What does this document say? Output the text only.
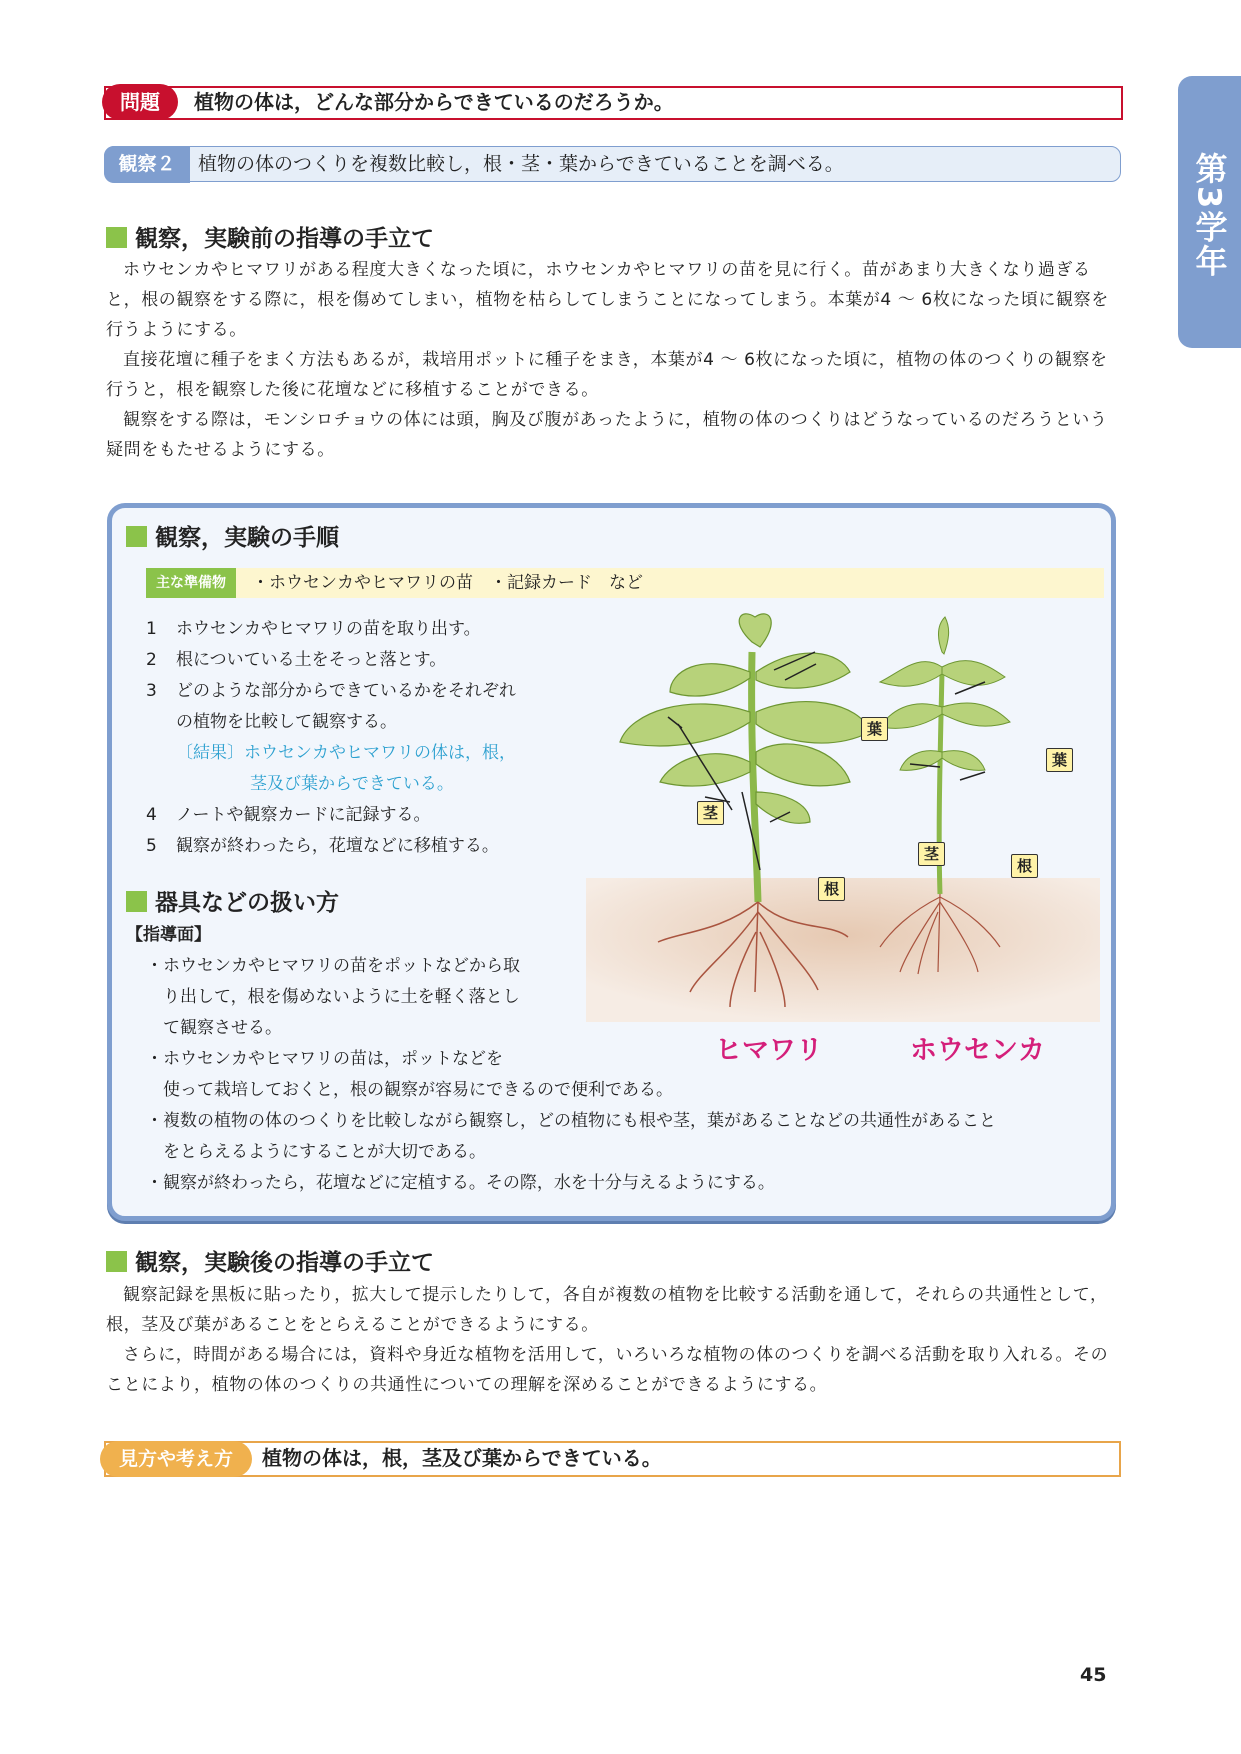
問題	植物の体は，どんな部分からできているのだろうか。
観察２	植物の体のつくりを複数比較し，根・茎・葉からできていることを調べる。	第3学年
観察，実験前の指導の手立て

ホウセンカやヒマワリがある程度大きくなった頃に，ホウセンカやヒマワリの苗を見に行く。苗があまり大きくなり過ぎると，根の観察をする際に，根を傷めてしまい，植物を枯らしてしまうことになってしまう。本葉が4 ～ 6枚になった頃に観察を行うようにする。

直接花壇に種子をまく方法もあるが，栽培用ポットに種子をまき，本葉が4 ～ 6枚になった頃に，植物の体のつくりの観察を行うと，根を観察した後に花壇などに移植することができる。

観察をする際は，モンシロチョウの体には頭，胸及び腹があったように，植物の体のつくりはどうなっているのだろうという疑問をもたせるようにする。

観察，実験の手順
主な準備物	・ホウセンカやヒマワリの苗　・記録カード　など
1 ホウセンカやヒマワリの苗を取り出す。
2 根についている土をそっと落とす。
3 どのような部分からできているかをそれぞれ
の植物を比較して観察する。
〔結果〕ホウセンカやヒマワリの体は，根，
茎及び葉からできている。
4 ノートや観察カードに記録する。
5 観察が終わったら，花壇などに移植する。
器具などの扱い方
【指導面】
・ホウセンカやヒマワリの苗をポットなどから取
り出して，根を傷めないように土を軽く落とし
て観察させる。
・ホウセンカやヒマワリの苗は，ポットなどを
使って栽培しておくと，根の観察が容易にできるので便利である。
・複数の植物の体のつくりを比較しながら観察し，どの植物にも根や茎，葉があることなどの共通性があること
をとらえるようにすることが大切である。
・観察が終わったら，花壇などに定植する。その際，水を十分与えるようにする。
葉
茎
根
葉
茎
根
ヒマワリ	ホウセンカ
観察，実験後の指導の手立て

観察記録を黒板に貼ったり，拡大して提示したりして，各自が複数の植物を比較する活動を通して，それらの共通性として，根，茎及び葉があることをとらえることができるようにする。

さらに，時間がある場合には，資料や身近な植物を活用して，いろいろな植物の体のつくりを調べる活動を取り入れる。そのことにより，植物の体のつくりの共通性についての理解を深めることができるようにする。

見方や考え方	植物の体は，根，茎及び葉からできている。
45
